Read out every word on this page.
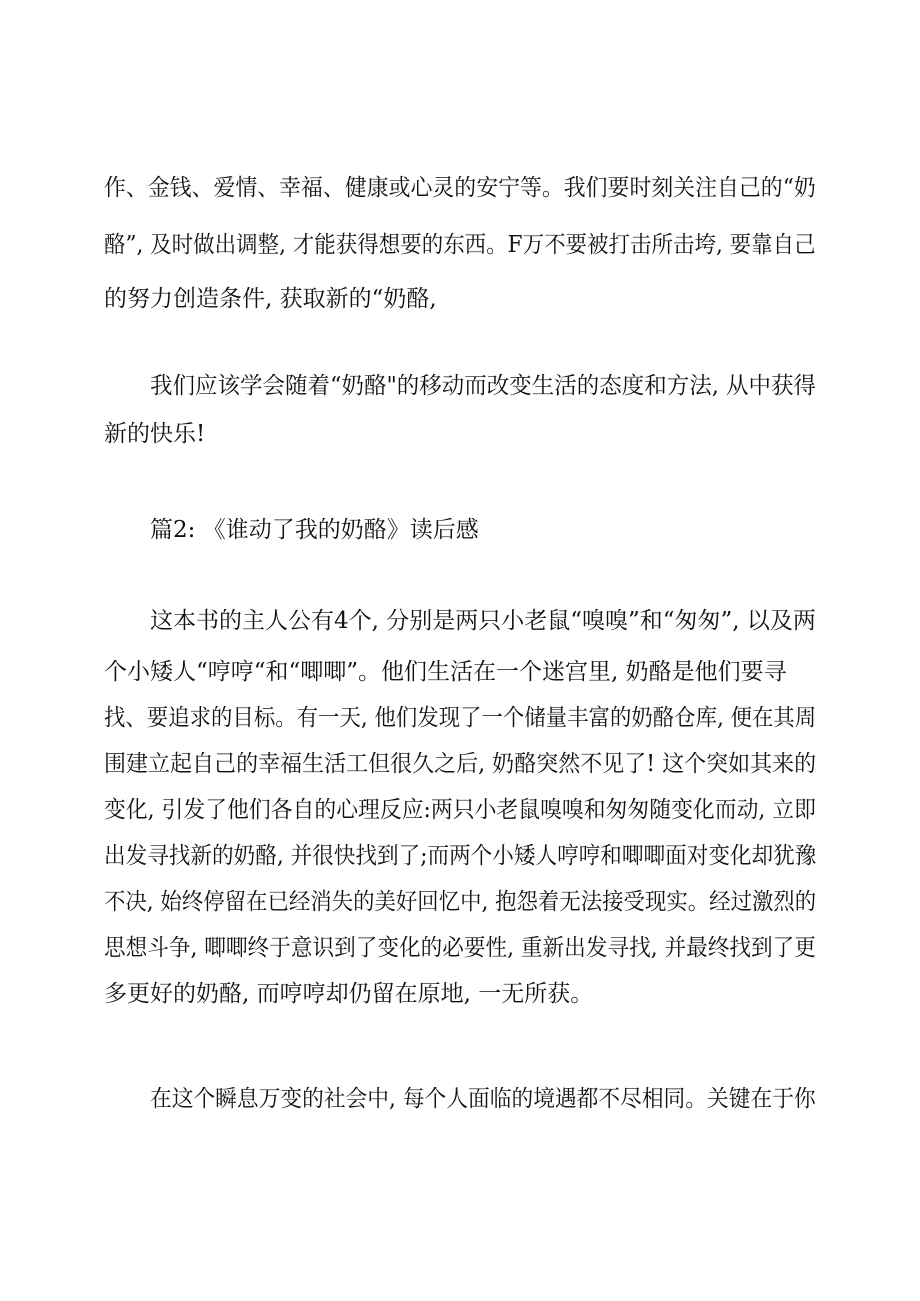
作、金钱、爱情、幸福、健康或心灵的安宁等。我们要时刻关注自己的“奶
酪”, 及时做出调整, 才能获得想要的东西。F万不要被打击所击垮, 要靠自己
的努力创造条件, 获取新的“奶酪,
我们应该学会随着“奶酪"的移动而改变生活的态度和方法, 从中获得
新的快乐!
篇2: 《谁动了我的奶酪》读后感
这本书的主人公有4个, 分别是两只小老鼠“嗅嗅”和“匆匆”, 以及两
个小矮人“哼哼“和“唧唧”。他们生活在一个迷宫里, 奶酪是他们要寻
找、要追求的目标。有一天, 他们发现了一个储量丰富的奶酪仓库, 便在其周
围建立起自己的幸福生活工但很久之后, 奶酪突然不见了! 这个突如其来的
变化, 引发了他们各自的心理反应:两只小老鼠嗅嗅和匆匆随变化而动, 立即
出发寻找新的奶酪, 并很快找到了;而两个小矮人哼哼和唧唧面对变化却犹豫
不决, 始终停留在已经消失的美好回忆中, 抱怨着无法接受现实。经过激烈的
思想斗争, 唧唧终于意识到了变化的必要性, 重新出发寻找, 并最终找到了更
多更好的奶酪, 而哼哼却仍留在原地, 一无所获。
在这个瞬息万变的社会中, 每个人面临的境遇都不尽相同。关键在于你
